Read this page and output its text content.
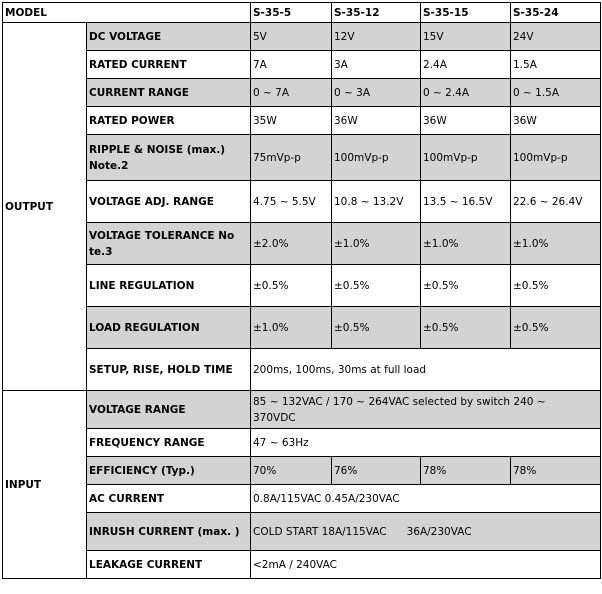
MODEL		S-35-5	S-35-12	S-35-15	S-35-24
OUTPUT	DC VOLTAGE	5V	12V	15V	24V
	RATED CURRENT	7A	3A	2.4A	1.5A
	CURRENT RANGE	0 ~ 7A	0 ~ 3A	0 ~ 2.4A	0 ~ 1.5A
	RATED POWER	35W	36W	36W	36W
	RIPPLE & NOISE (max.) Note.2	75mVp-p	100mVp-p	100mVp-p	100mVp-p
	VOLTAGE ADJ. RANGE	4.75 ~ 5.5V	10.8 ~ 13.2V	13.5 ~ 16.5V	22.6 ~ 26.4V
	VOLTAGE TOLERANCE No te.3	±2.0%	±1.0%	±1.0%	±1.0%
	LINE REGULATION	±0.5%	±0.5%	±0.5%	±0.5%
	LOAD REGULATION	±1.0%	±0.5%	±0.5%	±0.5%
	SETUP, RISE, HOLD TIME	200ms, 100ms, 30ms at full load			
INPUT	VOLTAGE RANGE	85 ~ 132VAC / 170 ~ 264VAC selected by switch 240 ~ 370VDC			
	FREQUENCY RANGE	47 ~ 63Hz			
	EFFICIENCY (Typ.)	70%	76%	78%	78%
	AC CURRENT	0.8A/115VAC 0.45A/230VAC			
	INRUSH CURRENT (max. )	COLD START 18A/115VAC      36A/230VAC			
	LEAKAGE CURRENT	<2mA / 240VAC			
